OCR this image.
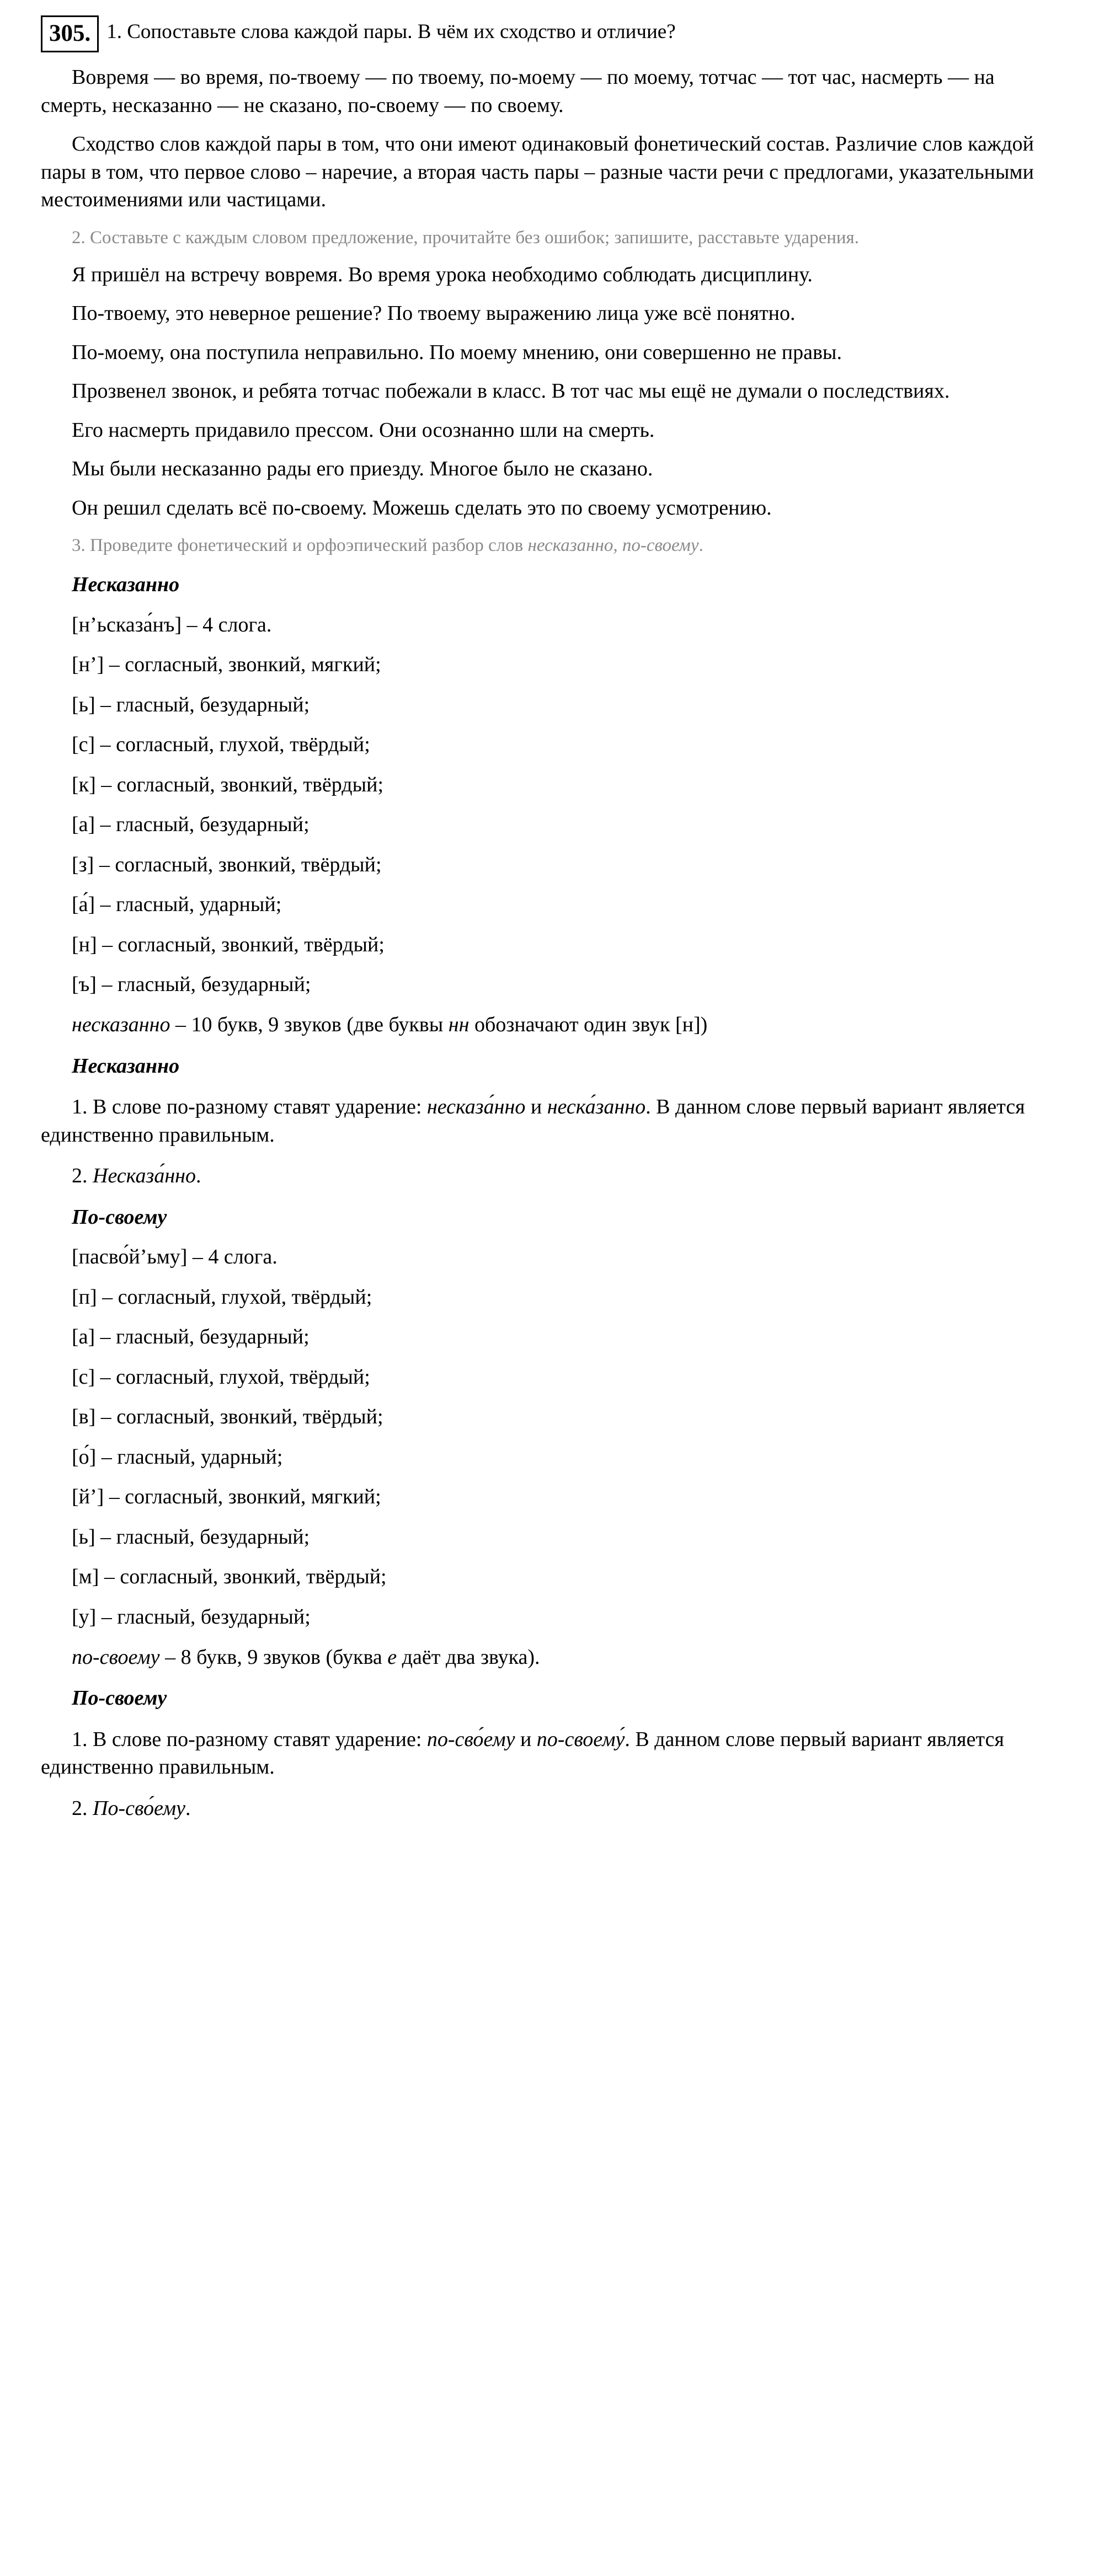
305. 1. Сопоставьте слова каждой пары. В чём их сходство и отличие?

Вовремя — во время, по-твоему — по твоему, по-моему — по моему, тотчас — тот час, насмерть — на смерть, несказанно — не сказано, по-своему — по своему.

Сходство слов каждой пары в том, что они имеют одинаковый фонетический состав. Различие слов каждой пары в том, что первое слово – наречие, а вторая часть пары – разные части речи с предлогами, указательными местоимениями или частицами.

2. Составьте с каждым словом предложение, прочитайте без ошибок; запишите, расставьте ударения.

Я пришёл на встречу вовремя. Во время урока необходимо соблюдать дисциплину.

По-твоему, это неверное решение? По твоему выражению лица уже всё понятно.

По-моему, она поступила неправильно. По моему мнению, они совершенно не правы.

Прозвенел звонок, и ребята тотчас побежали в класс. В тот час мы ещё не думали о последствиях.

Его насмерть придавило прессом. Они осознанно шли на смерть.

Мы были несказанно рады его приезду. Многое было не сказано.

Он решил сделать всё по-своему. Можешь сделать это по своему усмотрению.

3. Проведите фонетический и орфоэпический разбор слов несказанно, по-своему.

Несказанно

[н’ьсказа́нъ] – 4 слога.

[н’] – согласный, звонкий, мягкий;

[ь] – гласный, безударный;

[с] – согласный, глухой, твёрдый;

[к] – согласный, звонкий, твёрдый;

[а] – гласный, безударный;

[з] – согласный, звонкий, твёрдый;

[а́] – гласный, ударный;

[н] – согласный, звонкий, твёрдый;

[ъ] – гласный, безударный;

несказанно – 10 букв, 9 звуков (две буквы нн обозначают один звук [н])

Несказанно

1. В слове по-разному ставят ударение: несказа́нно и неска́занно. В данном слове первый вариант является единственно правильным.

2. Несказа́нно.

По-своему

[пасво́й’ьму] – 4 слога.

[п] – согласный, глухой, твёрдый;

[а] – гласный, безударный;

[с] – согласный, глухой, твёрдый;

[в] – согласный, звонкий, твёрдый;

[о́] – гласный, ударный;

[й’] – согласный, звонкий, мягкий;

[ь] – гласный, безударный;

[м] – согласный, звонкий, твёрдый;

[у] – гласный, безударный;

по-своему – 8 букв, 9 звуков (буква е даёт два звука).

По-своему

1. В слове по-разному ставят ударение: по-сво́ему и по-своему́. В данном слове первый вариант является единственно правильным.

2. По-сво́ему.
